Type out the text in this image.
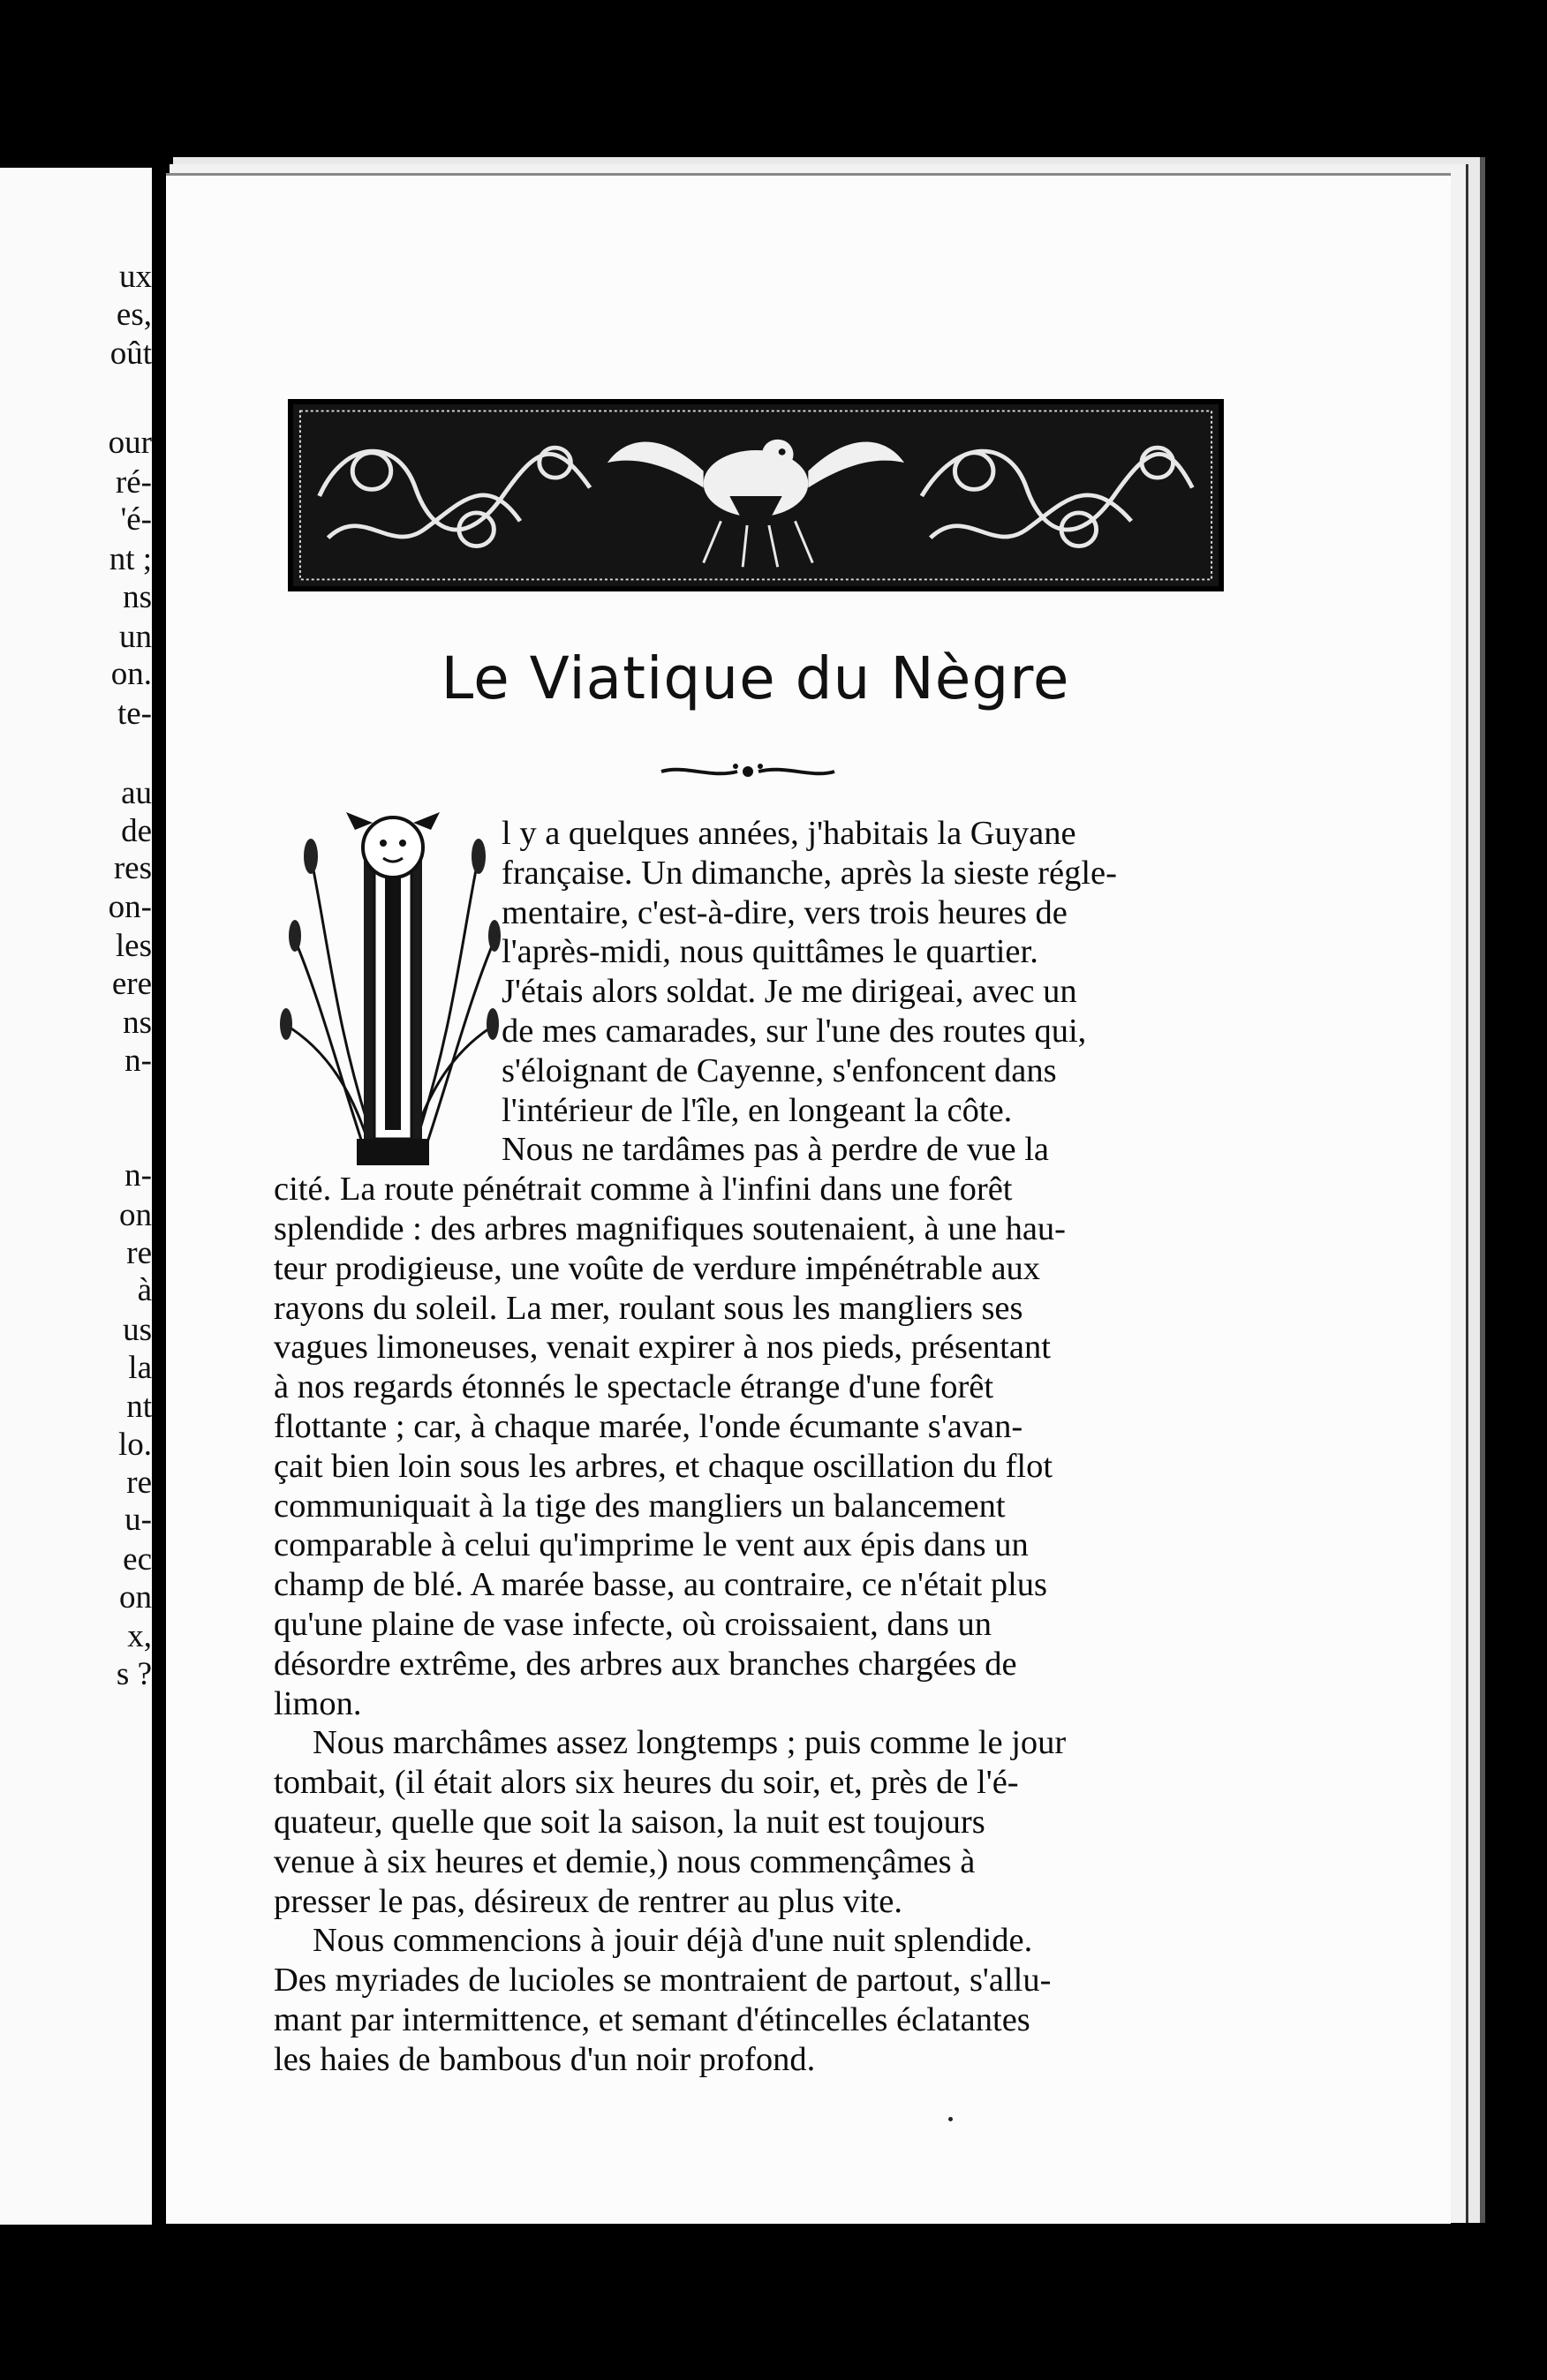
ux
es,
oût
our
ré-
'é-
nt ;
ns
un
on.
te-
au
de
res
on-
les
ere
ns
n-
n-
on
re
à
us
la
nt
lo.
re
u-
ec
on
x,
s ?
Le Viatique du Nègre
l y a quelques années, j'habitais la Guyane
française. Un dimanche, après la sieste régle-
mentaire, c'est-à-dire, vers trois heures de
l'après-midi, nous quittâmes le quartier.
J'étais alors soldat. Je me dirigeai, avec un
de mes camarades, sur l'une des routes qui,
s'éloignant de Cayenne, s'enfoncent dans
l'intérieur de l'île, en longeant la côte.
Nous ne tardâmes pas à perdre de vue la
cité. La route pénétrait comme à l'infini dans une forêt
splendide : des arbres magnifiques soutenaient, à une hau-
teur prodigieuse, une voûte de verdure impénétrable aux
rayons du soleil. La mer, roulant sous les mangliers ses
vagues limoneuses, venait expirer à nos pieds, présentant
à nos regards étonnés le spectacle étrange d'une forêt
flottante ; car, à chaque marée, l'onde écumante s'avan-
çait bien loin sous les arbres, et chaque oscillation du flot
communiquait à la tige des mangliers un balancement
comparable à celui qu'imprime le vent aux épis dans un
champ de blé. A marée basse, au contraire, ce n'était plus
qu'une plaine de vase infecte, où croissaient, dans un
désordre extrême, des arbres aux branches chargées de
limon.
Nous marchâmes assez longtemps ; puis comme le jour
tombait, (il était alors six heures du soir, et, près de l'é-
quateur, quelle que soit la saison, la nuit est toujours
venue à six heures et demie,) nous commençâmes à
presser le pas, désireux de rentrer au plus vite.
Nous commencions à jouir déjà d'une nuit splendide.
Des myriades de lucioles se montraient de partout, s'allu-
mant par intermittence, et semant d'étincelles éclatantes
les haies de bambous d'un noir profond.
